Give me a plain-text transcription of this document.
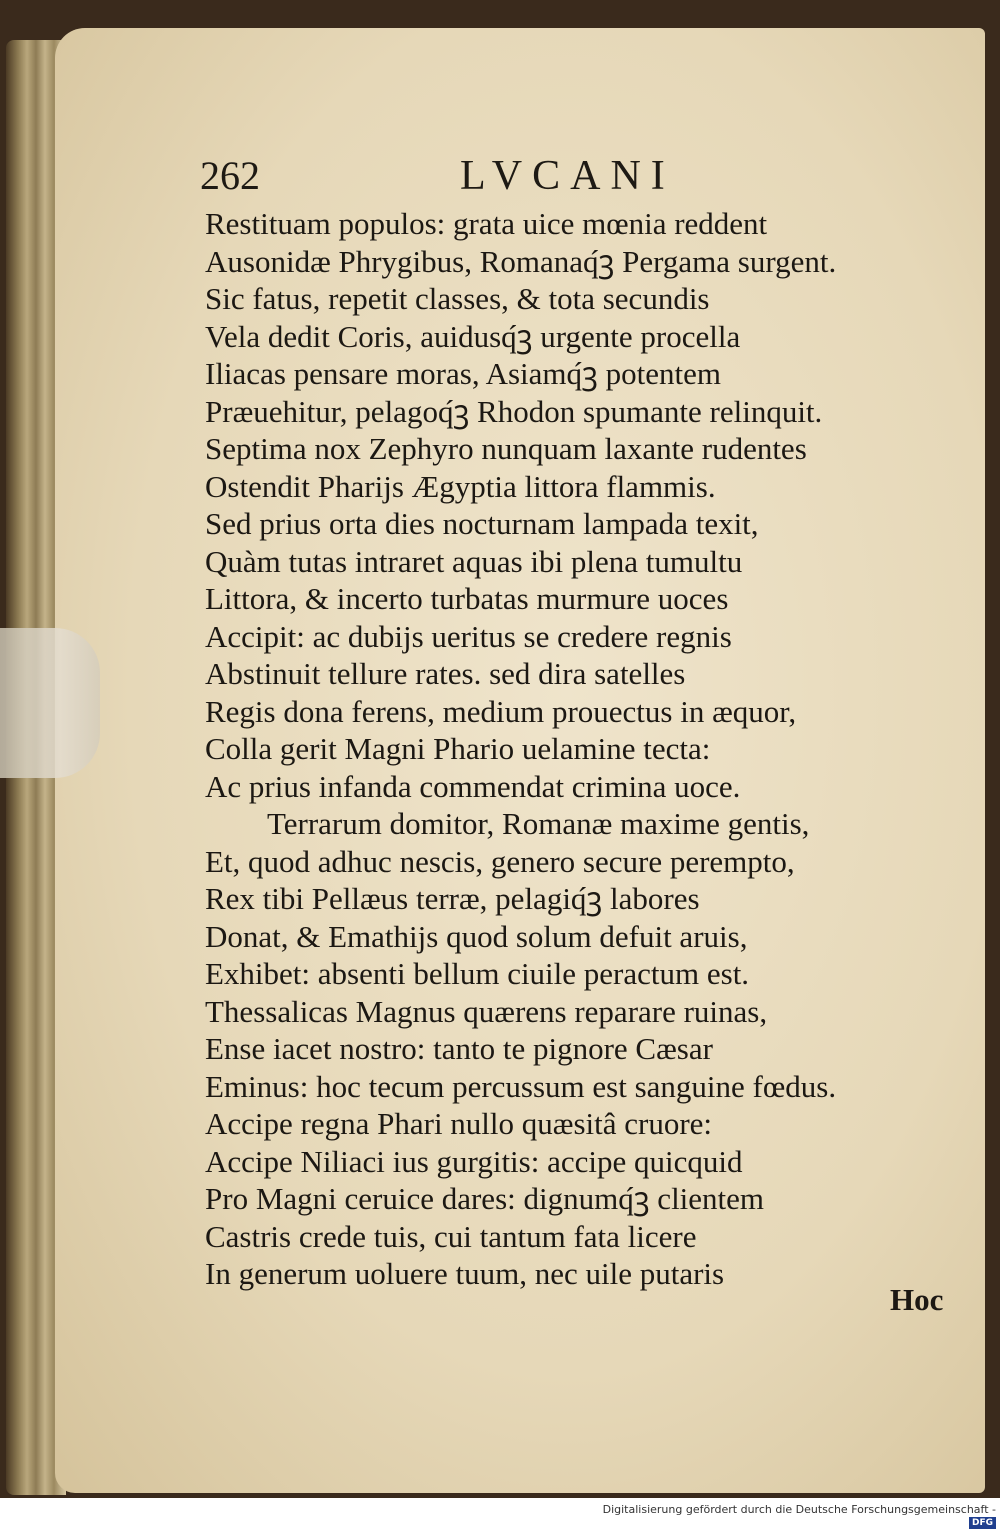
262	LVCANI
Restituam populos: grata uice mœnia reddent
Ausonidæ Phrygibus, Romanaq́ꝫ Pergama surgent.
Sic fatus, repetit classes, & tota secundis
Vela dedit Coris, auidusq́ꝫ urgente procella
Iliacas pensare moras, Asiamq́ꝫ potentem
Præuehitur, pelagoq́ꝫ Rhodon spumante relinquit.
Septima nox Zephyro nunquam laxante rudentes
Ostendit Pharijs Ægyptia littora flammis.
Sed prius orta dies nocturnam lampada texit,
Quàm tutas intraret aquas ibi plena tumultu
Littora, & incerto turbatas murmure uoces
Accipit: ac dubijs ueritus se credere regnis
Abstinuit tellure rates. sed dira satelles
Regis dona ferens, medium prouectus in æquor,
Colla gerit Magni Phario uelamine tecta:
Ac prius infanda commendat crimina uoce.
Terrarum domitor, Romanæ maxime gentis,
Et, quod adhuc nescis, genero secure perempto,
Rex tibi Pellæus terræ, pelagiq́ꝫ labores
Donat, & Emathijs quod solum defuit aruis,
Exhibet: absenti bellum ciuile peractum est.
Thessalicas Magnus quærens reparare ruinas,
Ense iacet nostro: tanto te pignore Cæsar
Eminus: hoc tecum percussum est sanguine fœdus.
Accipe regna Phari nullo quæsitâ cruore:
Accipe Niliaci ius gurgitis: accipe quicquid
Pro Magni ceruice dares: dignumq́ꝫ clientem
Castris crede tuis, cui tantum fata licere
In generum uoluere tuum, nec uile putaris
Hoc
Digitalisierung gefördert durch die Deutsche Forschungsgemeinschaft - DFG
